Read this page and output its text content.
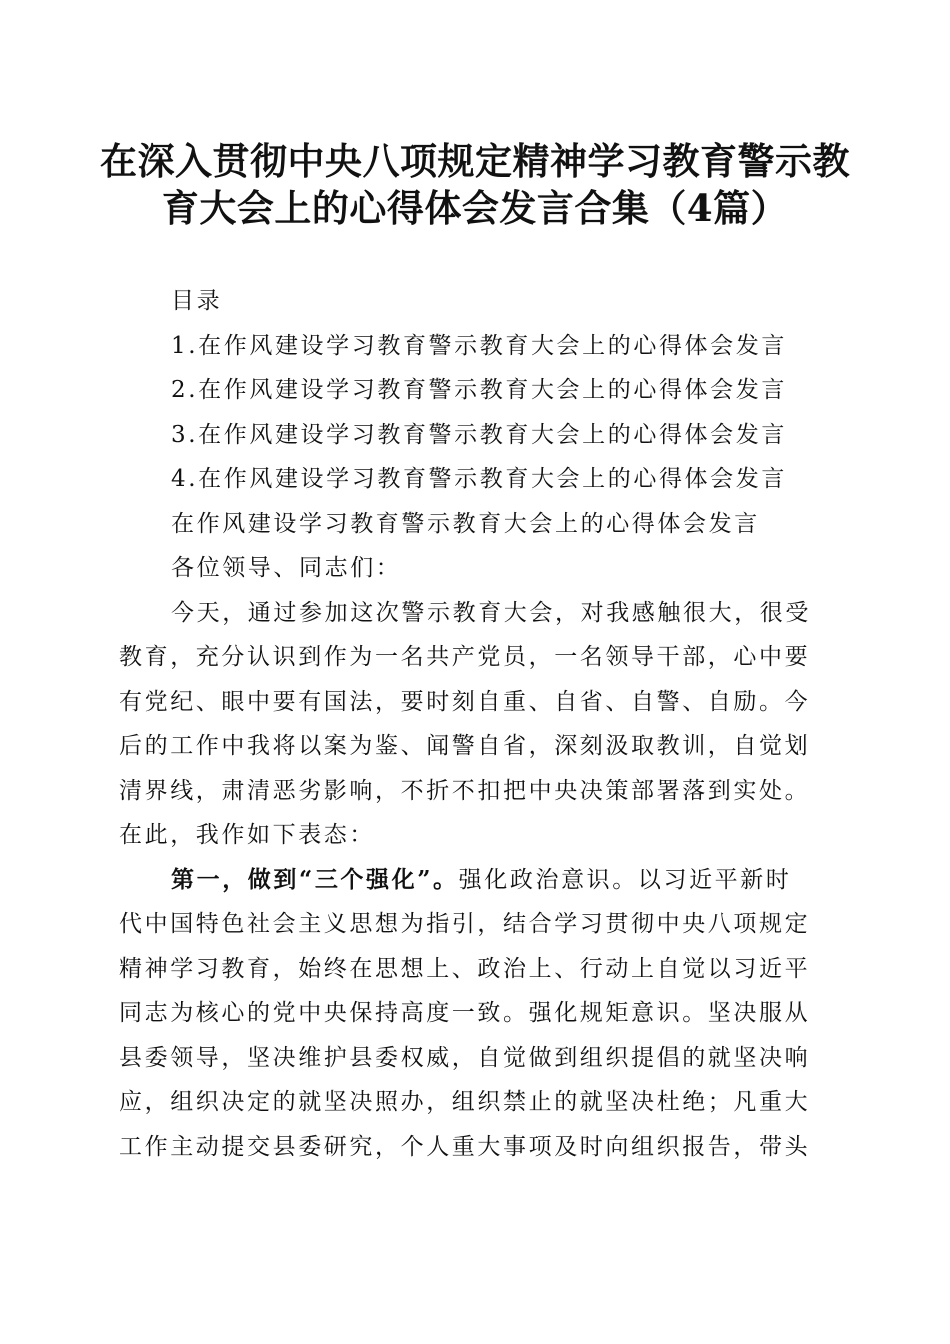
在深入贯彻中央八项规定精神学习教育警示教
育大会上的心得体会发言合集（4篇）
目录
1.在作风建设学习教育警示教育大会上的心得体会发言
2.在作风建设学习教育警示教育大会上的心得体会发言
3.在作风建设学习教育警示教育大会上的心得体会发言
4.在作风建设学习教育警示教育大会上的心得体会发言
在作风建设学习教育警示教育大会上的心得体会发言
各位领导、同志们：
今天，通过参加这次警示教育大会，对我感触很大，很受
教育，充分认识到作为一名共产党员，一名领导干部，心中要
有党纪、眼中要有国法，要时刻自重、自省、自警、自励。今
后的工作中我将以案为鉴、闻警自省，深刻汲取教训，自觉划
清界线，肃清恶劣影响，不折不扣把中央决策部署落到实处。
在此，我作如下表态：
第一，做到“三个强化”。强化政治意识。以习近平新时
代中国特色社会主义思想为指引，结合学习贯彻中央八项规定
精神学习教育，始终在思想上、政治上、行动上自觉以习近平
同志为核心的党中央保持高度一致。强化规矩意识。坚决服从
县委领导，坚决维护县委权威，自觉做到组织提倡的就坚决响
应，组织决定的就坚决照办，组织禁止的就坚决杜绝；凡重大
工作主动提交县委研究，个人重大事项及时向组织报告，带头
